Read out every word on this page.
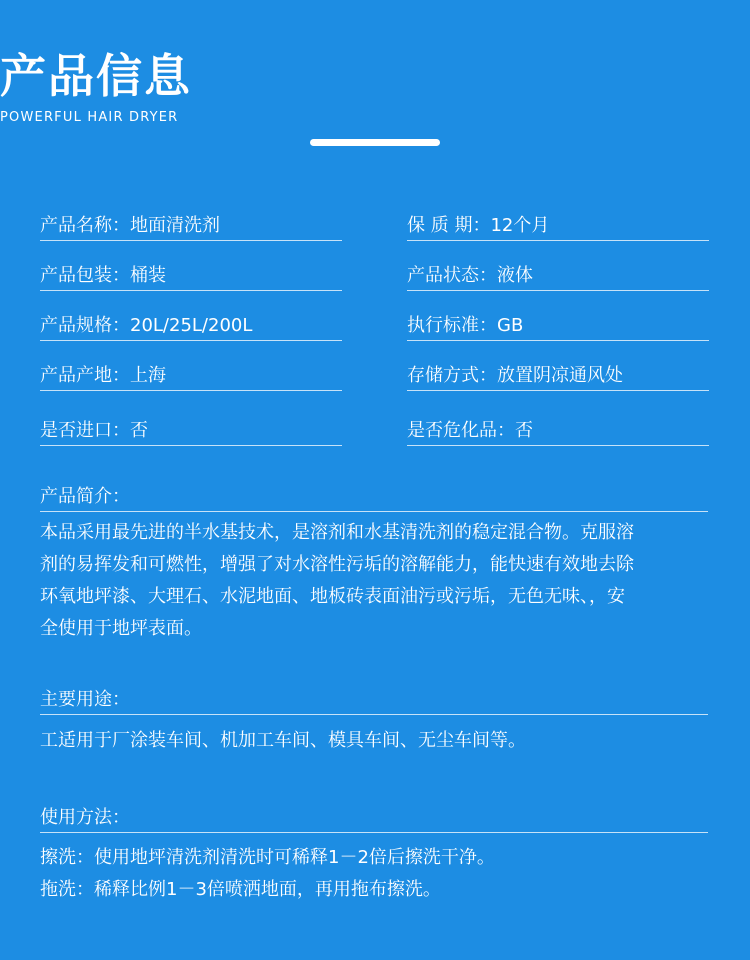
产品信息
POWERFUL HAIR DRYER
产品名称：地面清洗剂
产品包装：桶装
产品规格：20L/25L/200L
产品产地：上海
是否进口：否
保 质 期：12个月
产品状态：液体
执行标准：GB
存储方式：放置阴凉通风处
是否危化品：否
产品简介：
本品采用最先进的半水基技术，是溶剂和水基清洗剂的稳定混合物。克服溶
剂的易挥发和可燃性，增强了对水溶性污垢的溶解能力，能快速有效地去除
环氧地坪漆、大理石、水泥地面、地板砖表面油污或污垢，无色无味、，安
全使用于地坪表面。
主要用途：
工适用于厂涂装车间、机加工车间、模具车间、无尘车间等。
使用方法：
擦洗：使用地坪清洗剂清洗时可稀释1－2倍后擦洗干净。
拖洗：稀释比例1－3倍喷洒地面，再用拖布擦洗。
